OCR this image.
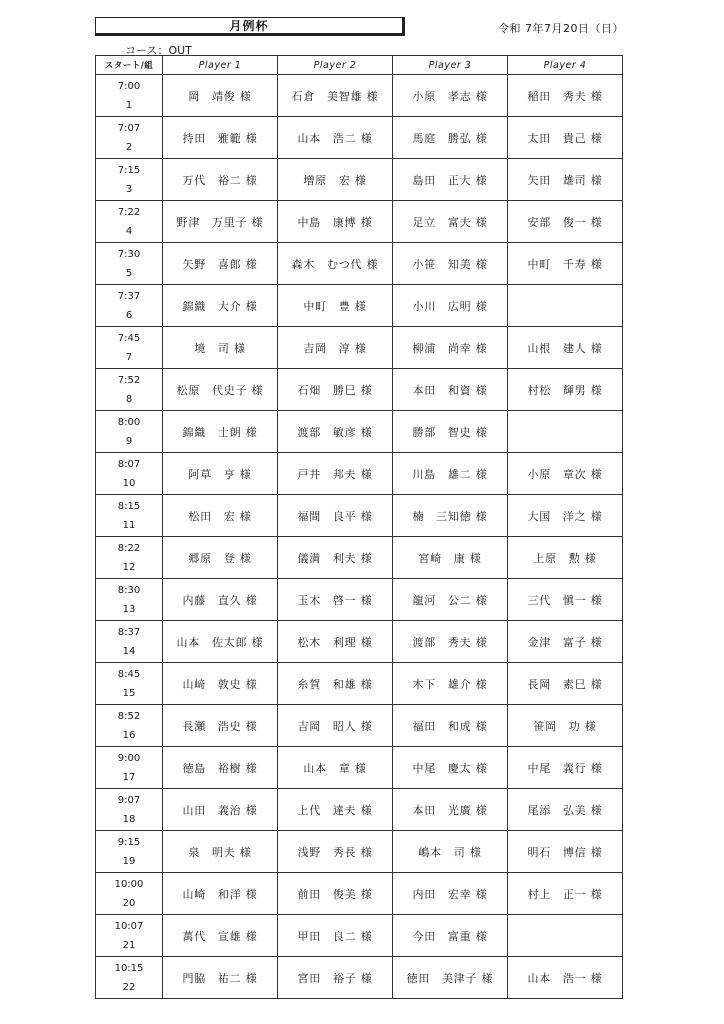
月例杯	令和 7年7月20日（日）
コース：OUT
スタート/組	Player 1	Player 2	Player 3	Player 4

7:00
1	岡　靖俊 様	石倉　美智雄 様	小原　孝志 様	稲田　秀夫 様

7:07
2	持田　雅範 様	山本　浩二 様	馬庭　勝弘 様	太田　貴己 様

7:15
3	万代　裕二 様	増原　宏 様	島田　正大 様	矢田　雄司 様

7:22
4	野津　万里子 様	中島　康博 様	足立　富夫 様	安部　俊一 様

7:30
5	矢野　喜郎 様	森木　むつ代 様	小笹　知美 様	中町　千寿 様

7:37
6	錦織　大介 様	中町　豊 様	小川　広明 様	

7:45
7	境　司 様	吉岡　淳 様	柳浦　尚幸 様	山根　建人 様

7:52
8	松原　代史子 様	石畑　勝巳 様	本田　和資 様	村松　輝男 様

8:00
9	錦織　士朗 様	渡部　敏彦 様	勝部　智史 様	

8:07
10	阿草　亨 様	戸井　邦夫 様	川島　雄二 様	小原　章次 様

8:15
11	松田　宏 様	福間　良平 様	楠　三知徳 様	大国　洋之 様

8:22
12	郷原　登 様	儀満　利夫 様	宮崎　康 様	上原　勲 様

8:30
13	内藤　直久 様	玉木　啓一 様	龍河　公二 様	三代　愼一 様

8:37
14	山本　佐太郎 様	松木　利理 様	渡部　秀夫 様	金津　富子 様

8:45
15	山﨑　敦史 様	糸賀　和雄 様	木下　雄介 様	長岡　素巳 様

8:52
16	長瀬　浩史 様	吉岡　昭人 様	福田　和成 様	笹岡　功 様

9:00
17	徳島　裕樹 様	山本　章 様	中尾　慶太 様	中尾　義行 様

9:07
18	山田　義治 様	上代　達夫 様	本田　光廣 様	尾添　弘美 様

9:15
19	泉　明夫 様	浅野　秀長 様	嶋本　司 様	明石　博信 様

10:00
20	山崎　和洋 様	前田　俊美 様	内田　宏幸 様	村上　正一 様

10:07
21	萬代　宣雄 様	甲田　良二 様	今田　富重 様	

10:15
22	門脇　祐二 様	宮田　裕子 様	徳田　美津子 様	山本　浩一 様
